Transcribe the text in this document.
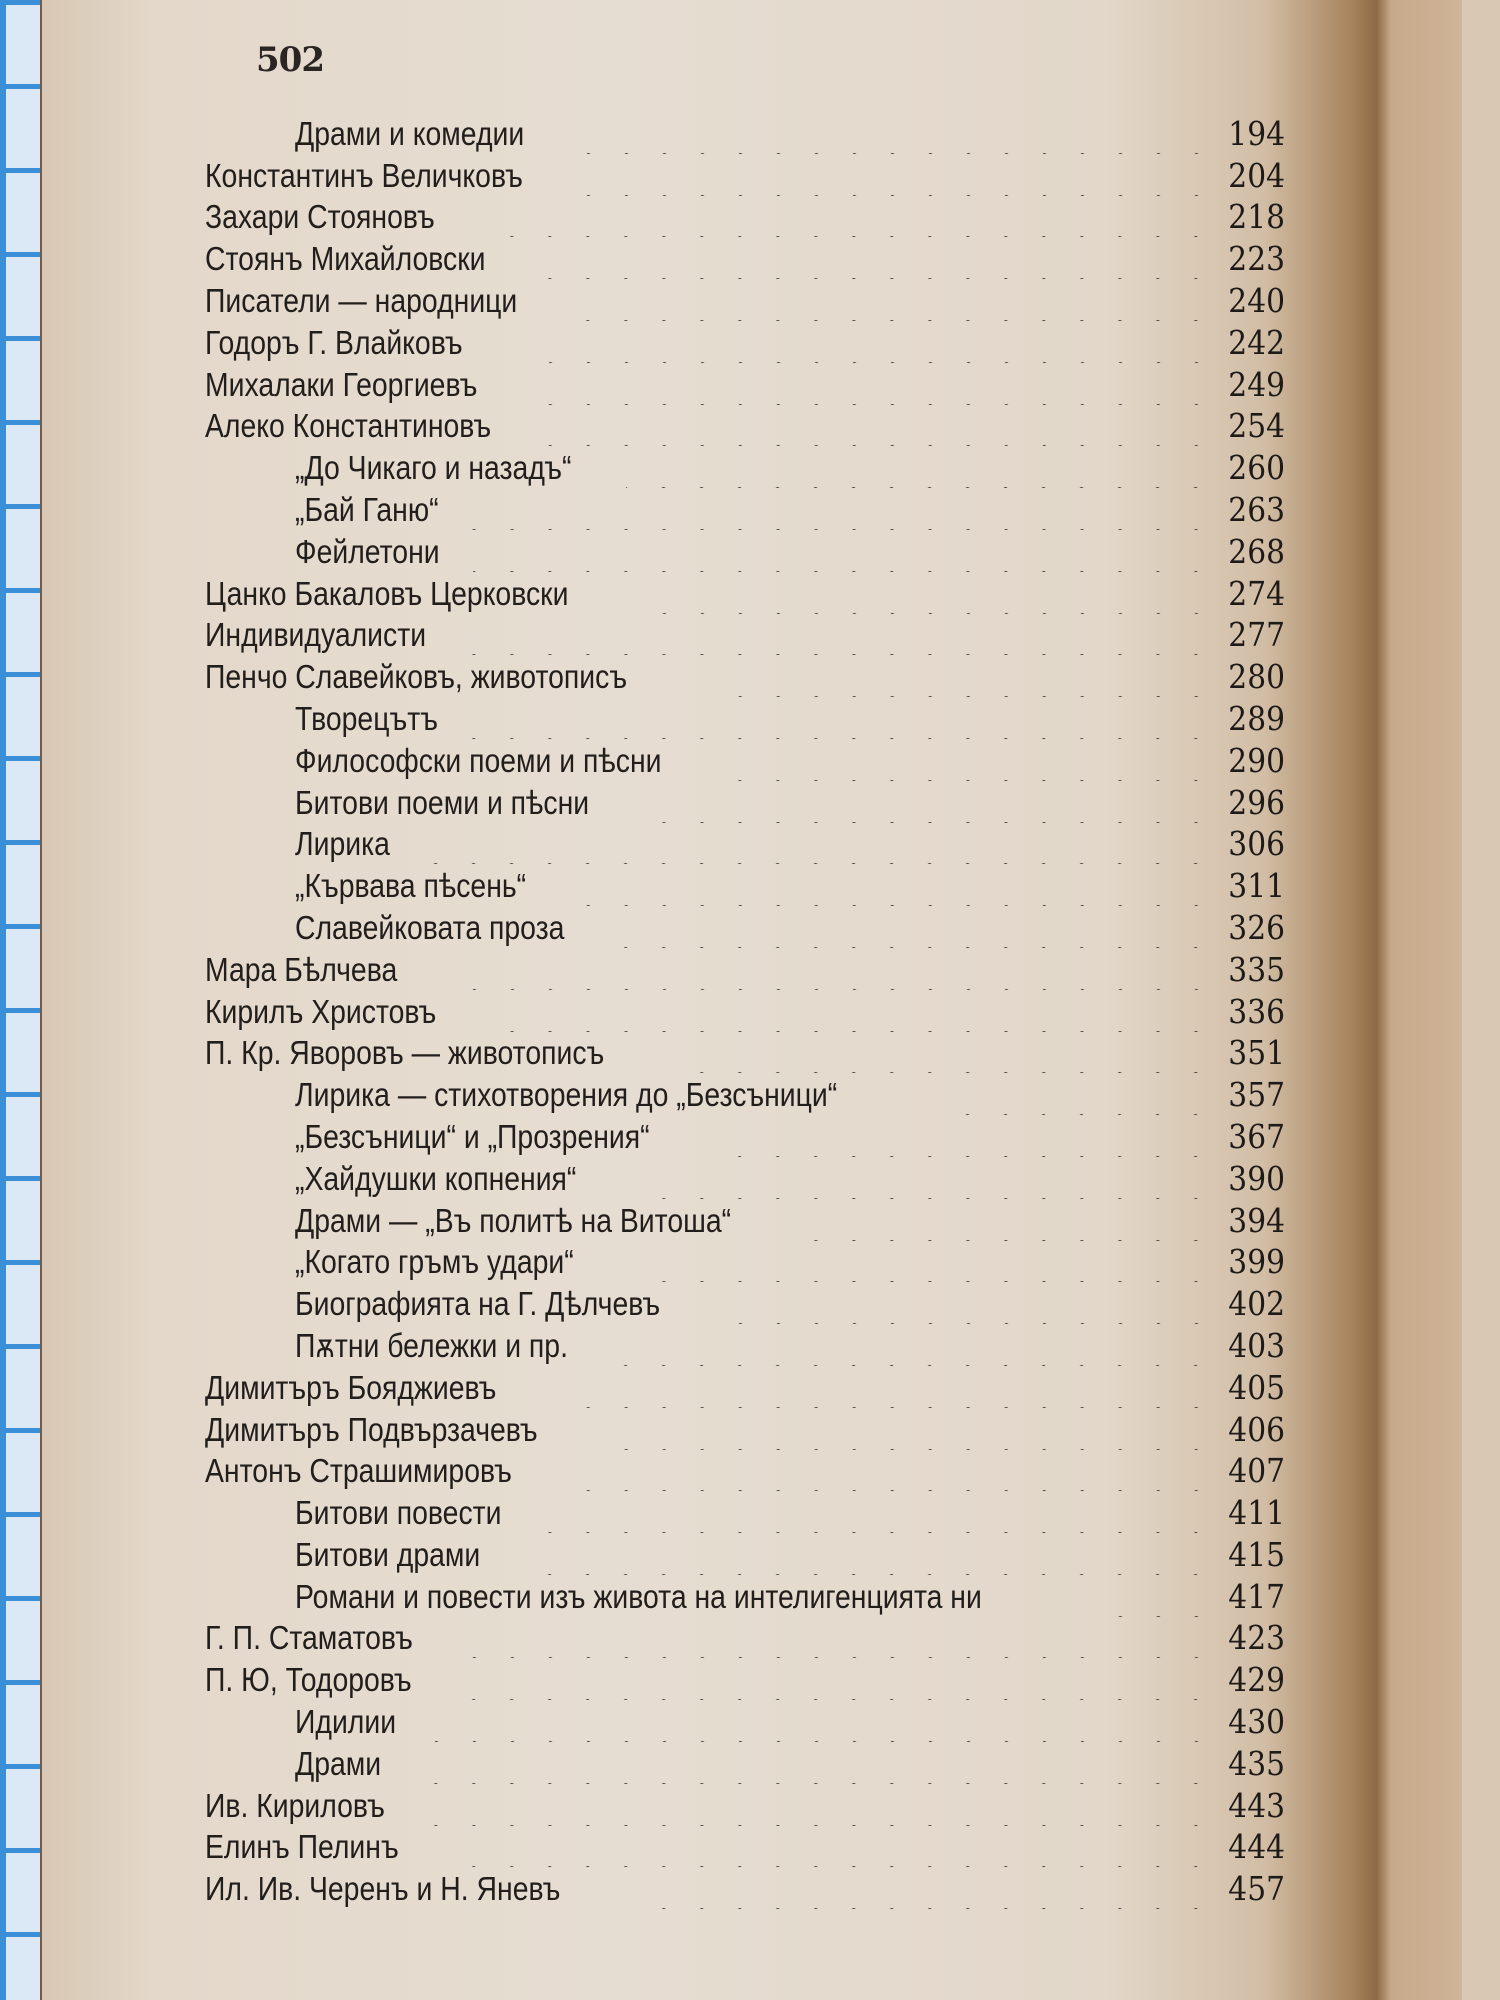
502
Драми и комедии	194
Константинъ Величковъ	204
Захари Стояновъ	218
Стоянъ Михайловски	223
Писатели — народници	240
Годоръ Г. Влайковъ	242
Михалаки Георгиевъ	249
Алеко Константиновъ	254
„До Чикаго и назадъ“	260
„Бай Ганю“	263
Фейлетони	268
Цанко Бакаловъ Церковски	274
Индивидуалисти	277
Пенчо Славейковъ, животописъ	280
Творецътъ	289
Философски поеми и пѣсни	290
Битови поеми и пѣсни	296
Лирика	306
„Кървава пѣсень“	311
Славейковата проза	326
Мара Бѣлчева	335
Кирилъ Христовъ	336
П. Кр. Яворовъ — животописъ	351
Лирика — стихотворения до „Безсъници“	357
„Безсъници“ и „Прозрения“	367
„Хайдушки копнения“	390
Драми — „Въ политѣ на Витоша“	394
„Когато гръмъ удари“	399
Биографията на Г. Дѣлчевъ	402
Пѫтни бележки и пр.	403
Димитъръ Бояджиевъ	405
Димитъръ Подвързачевъ	406
Антонъ Страшимировъ	407
Битови повести	411
Битови драми	415
Романи и повести изъ живота на интелигенцията ни	417
Г. П. Стаматовъ	423
П. Ю, Тодоровъ	429
Идилии	430
Драми	435
Ив. Кириловъ	443
Елинъ Пелинъ	444
Ил. Ив. Черенъ и Н. Яневъ	457
